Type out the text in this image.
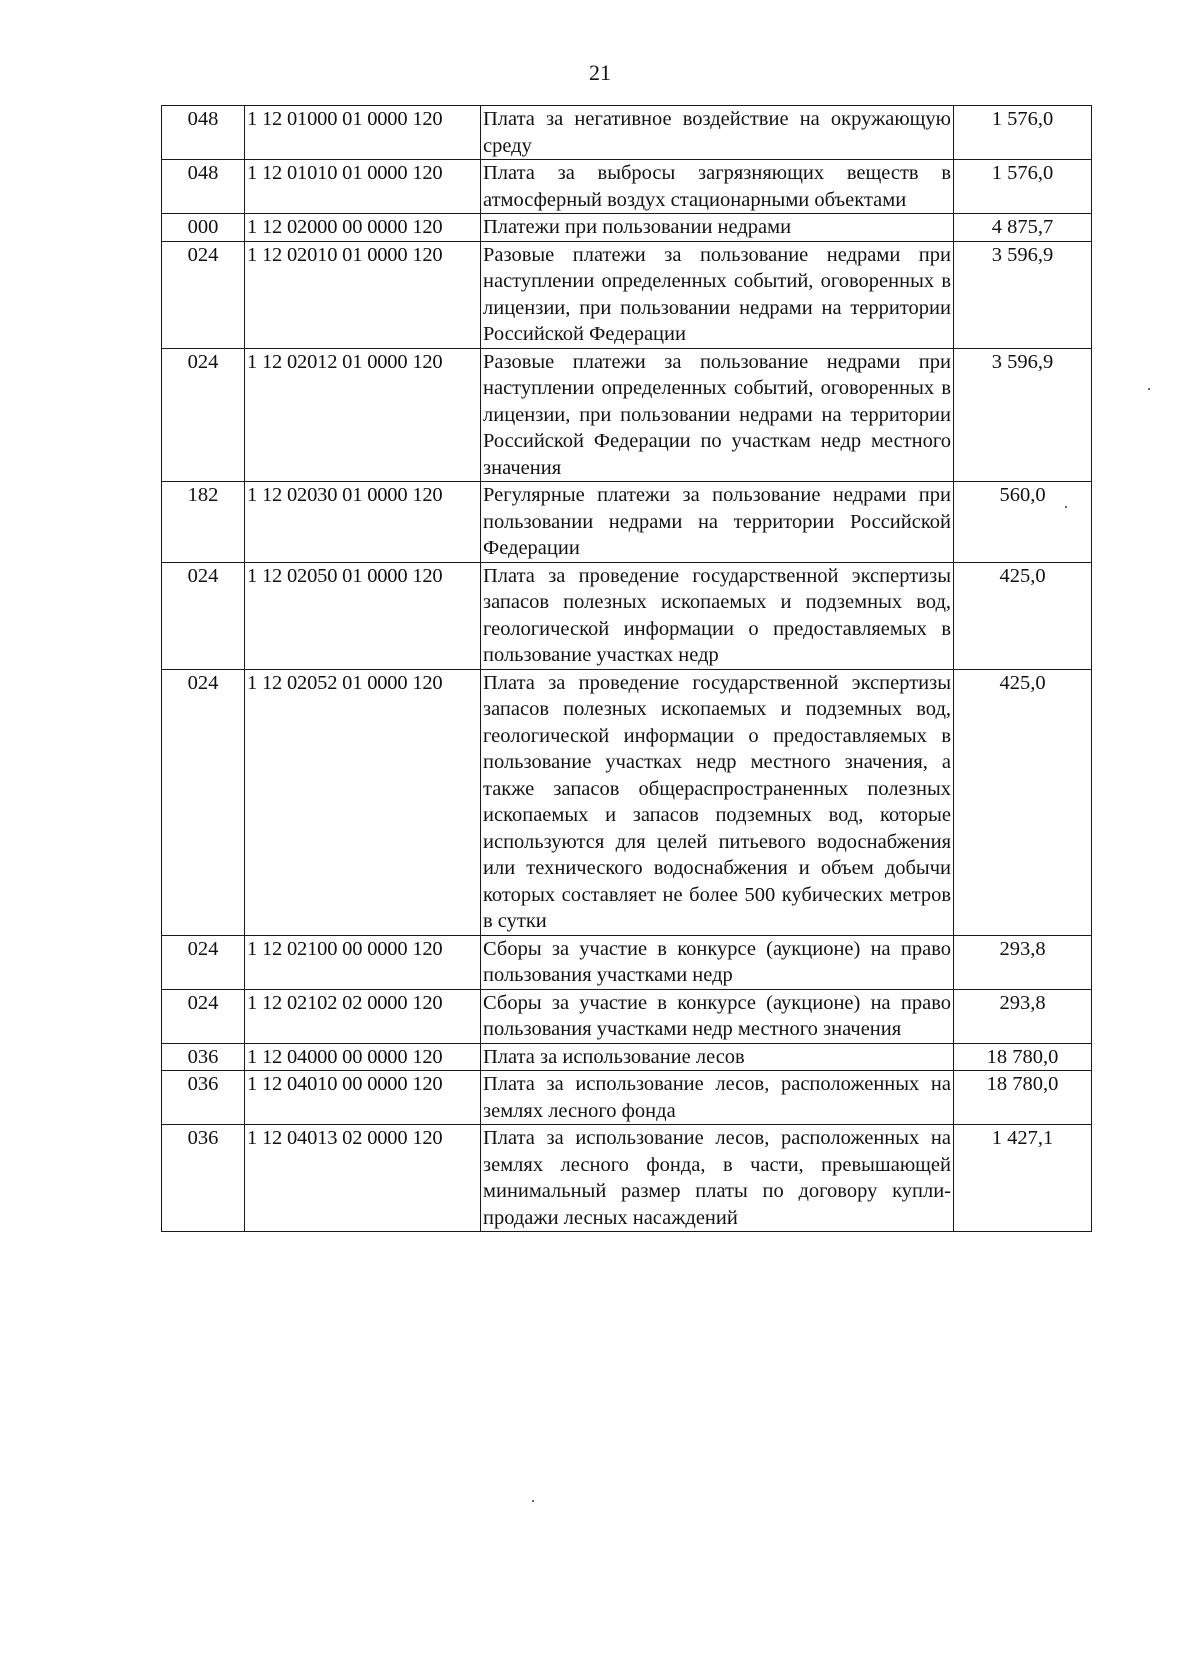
21
048	1 12 01000 01 0000 120	Плата за негативное воздействие на окружающую среду	1 576,0
048	1 12 01010 01 0000 120	Плата за выбросы загрязняющих веществ в атмосферный воздух стационарными объектами	1 576,0
000	1 12 02000 00 0000 120	Платежи при пользовании недрами	4 875,7
024	1 12 02010 01 0000 120	Разовые платежи за пользование недрами при наступлении определенных событий, оговоренных в лицензии, при пользовании недрами на территории Российской Федерации	3 596,9
024	1 12 02012 01 0000 120	Разовые платежи за пользование недрами при наступлении определенных событий, оговоренных в лицензии, при пользовании недрами на территории Российской Федерации по участкам недр местного значения	3 596,9
182	1 12 02030 01 0000 120	Регулярные платежи за пользование недрами при пользовании недрами на территории Российской Федерации	560,0
024	1 12 02050 01 0000 120	Плата за проведение государственной экспертизы запасов полезных ископаемых и подземных вод, геологической информации о предоставляемых в пользование участках недр	425,0
024	1 12 02052 01 0000 120	Плата за проведение государственной экспертизы запасов полезных ископаемых и подземных вод, геологической информации о предоставляемых в пользование участках недр местного значения, а также запасов общераспространенных полезных ископаемых и запасов подземных вод, которые используются для целей питьевого водоснабжения или технического водоснабжения и объем добычи которых составляет не более 500 кубических метров в сутки	425,0
024	1 12 02100 00 0000 120	Сборы за участие в конкурсе (аукционе) на право пользования участками недр	293,8
024	1 12 02102 02 0000 120	Сборы за участие в конкурсе (аукционе) на право пользования участками недр местного значения	293,8
036	1 12 04000 00 0000 120	Плата за использование лесов	18 780,0
036	1 12 04010 00 0000 120	Плата за использование лесов, расположенных на землях лесного фонда	18 780,0
036	1 12 04013 02 0000 120	Плата за использование лесов, расположенных на землях лесного фонда, в части, превышающей минимальный размер платы по договору купли-продажи лесных насаждений	1 427,1
